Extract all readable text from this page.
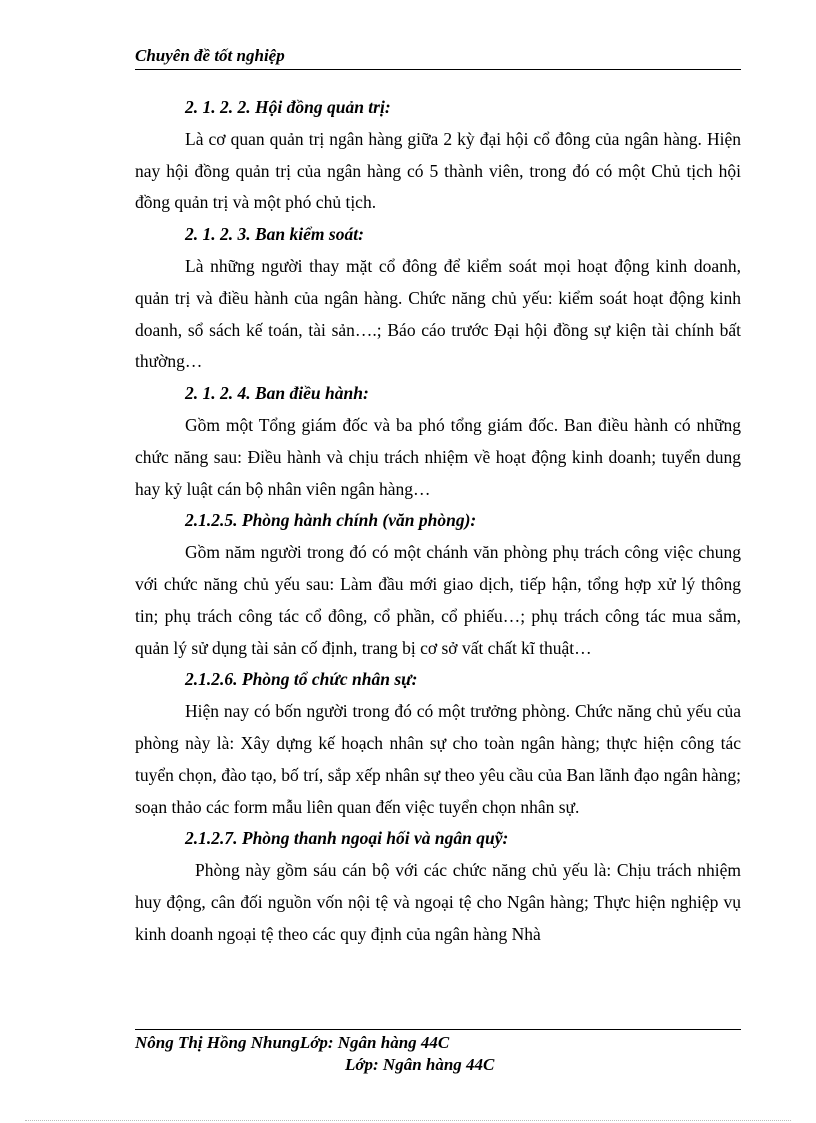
Chuyên đề tốt nghiệp
2. 1. 2. 2. Hội đồng quản trị:
Là cơ quan quản trị ngân hàng giữa 2 kỳ đại hội cổ đông của ngân hàng. Hiện nay hội đồng quản trị của ngân hàng có 5 thành viên, trong đó có một Chủ tịch hội đồng quản trị và một phó chủ tịch.
2. 1. 2. 3. Ban kiểm soát:
Là những người thay mặt cổ đông để kiểm soát mọi hoạt động kinh doanh, quản trị và điều hành của ngân hàng. Chức năng chủ yếu: kiểm soát hoạt động kinh doanh, sổ sách kế toán, tài sản….; Báo cáo trước Đại hội đồng sự kiện tài chính bất thường…
2. 1. 2. 4. Ban điều hành:
Gồm một Tổng giám đốc và ba phó tổng giám đốc. Ban điều hành có những chức năng sau: Điều hành và chịu trách nhiệm về hoạt động kinh doanh; tuyển dung hay kỷ luật cán bộ nhân viên ngân hàng…
2.1.2.5. Phòng hành chính (văn phòng):
Gồm năm người trong đó có một chánh văn phòng phụ trách công việc chung với chức năng chủ yếu sau: Làm đầu mới giao dịch, tiếp hận, tổng hợp xử lý thông tin; phụ trách công tác cổ đông, cổ phần, cổ phiếu…; phụ trách công tác mua sắm, quản lý sử dụng tài sản cố định, trang bị cơ sở vất chất kĩ thuật…
2.1.2.6. Phòng tổ chức nhân sự:
Hiện nay có bốn người trong đó có một trưởng phòng. Chức năng chủ yếu của phòng này là: Xây dựng kế hoạch nhân sự cho toàn ngân hàng; thực hiện công tác tuyển chọn, đào tạo, bố trí, sắp xếp nhân sự theo yêu cầu của Ban lãnh đạo ngân hàng; soạn thảo các form mẫu liên quan đến việc tuyển chọn nhân sự.
2.1.2.7. Phòng thanh ngoại hối và ngân quỹ:
Phòng này gồm sáu cán bộ với các chức năng chủ yếu là: Chịu trách nhiệm huy động, cân đối nguồn vốn nội tệ và ngoại tệ cho Ngân hàng; Thực hiện nghiệp vụ kinh doanh ngoại tệ theo các quy định của ngân hàng Nhà
Nông Thị Hồng NhungLớp: Ngân hàng 44C
Lớp: Ngân hàng 44C
